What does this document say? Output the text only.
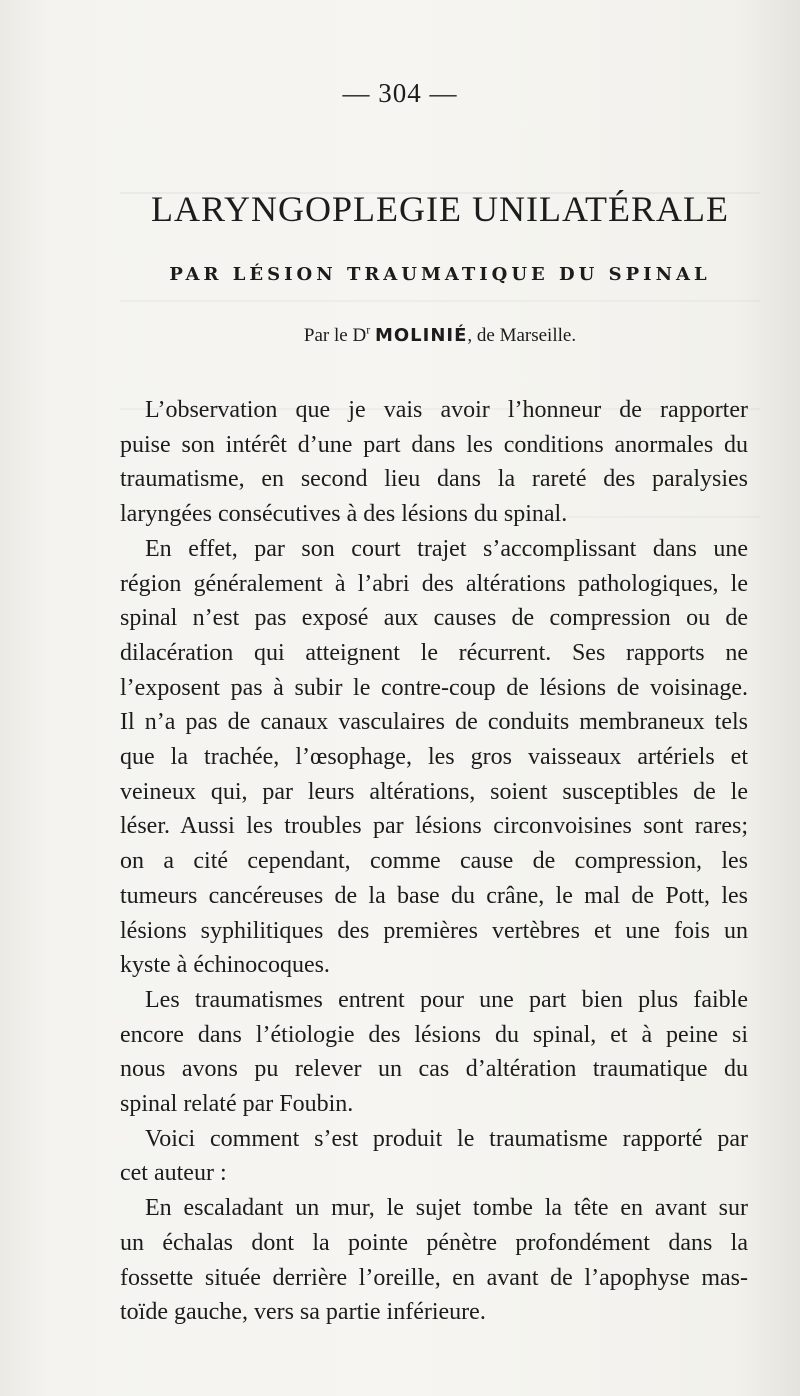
— 304 —
LARYNGOPLEGIE UNILATÉRALE
PAR LÉSION TRAUMATIQUE DU SPINAL
Par le $D^r$ MOLINIÉ, de Marseille.
L’observation que je vais avoir l’honneur de rapporter
puise son intérêt d’une part dans les conditions anormales du
traumatisme, en second lieu dans la rareté des paralysies
laryngées consécutives à des lésions du spinal.
En effet, par son court trajet s’accomplissant dans une
région généralement à l’abri des altérations pathologiques, le
spinal n’est pas exposé aux causes de compression ou de
dilacération qui atteignent le récurrent. Ses rapports ne
l’exposent pas à subir le contre-coup de lésions de voisinage.
Il n’a pas de canaux vasculaires de conduits membraneux tels
que la trachée, l’œsophage, les gros vaisseaux artériels et
veineux qui, par leurs altérations, soient susceptibles de le
léser. Aussi les troubles par lésions circonvoisines sont rares;
on a cité cependant, comme cause de compression, les
tumeurs cancéreuses de la base du crâne, le mal de Pott, les
lésions syphilitiques des premières vertèbres et une fois un
kyste à échinocoques.
Les traumatismes entrent pour une part bien plus faible
encore dans l’étiologie des lésions du spinal, et à peine si
nous avons pu relever un cas d’altération traumatique du
spinal relaté par Foubin.
Voici comment s’est produit le traumatisme rapporté par
cet auteur :
En escaladant un mur, le sujet tombe la tête en avant sur
un échalas dont la pointe pénètre profondément dans la
fossette située derrière l’oreille, en avant de l’apophyse mas-
toïde gauche, vers sa partie inférieure.
